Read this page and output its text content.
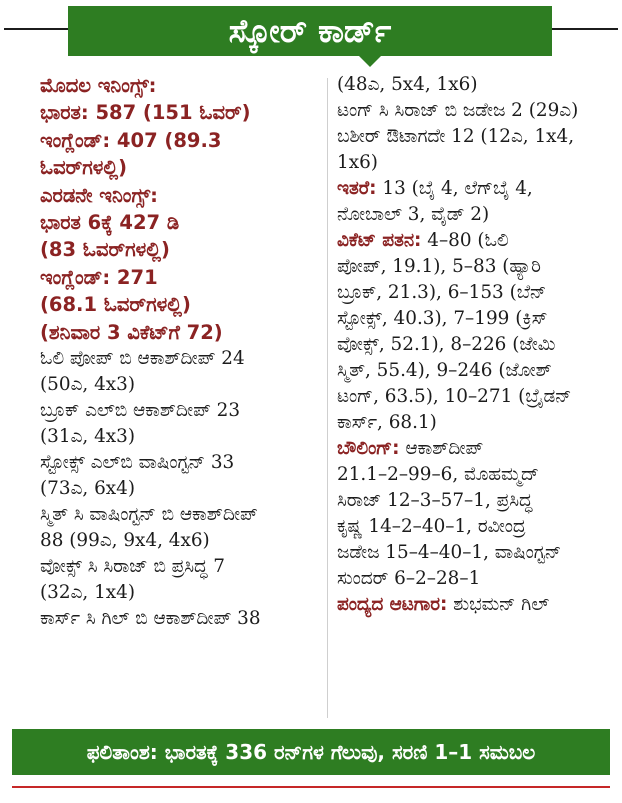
ಸ್ಕೋರ್ ಕಾರ್ಡ್

ಮೊದಲ ಇನಿಂಗ್ಸ್:

ಭಾರತ: 587 (151 ಓವರ್)

ಇಂಗ್ಲೆಂಡ್: 407 (89.3

ಓವರ್‌ಗಳಲ್ಲಿ)

ಎರಡನೇ ಇನಿಂಗ್ಸ್:

ಭಾರತ 6ಕ್ಕೆ 427 ಡಿ

(83 ಓವರ್‌ಗಳಲ್ಲಿ)

ಇಂಗ್ಲೆಂಡ್: 271

(68.1 ಓವರ್‌ಗಳಲ್ಲಿ)

(ಶನಿವಾರ 3 ವಿಕೆಟ್‌ಗೆ 72)

ಓಲಿ ಪೋಪ್ ಬಿ ಆಕಾಶ್‌ದೀಪ್ 24

(50ಎ, 4x3)

ಬ್ರೂಕ್ ಎಲ್‌ಬಿ ಆಕಾಶ್‌ದೀಪ್ 23

(31ಎ, 4x3)

ಸ್ಟೋಕ್ಸ್ ಎಲ್‌ಬಿ ವಾಷಿಂಗ್ಟನ್ 33

(73ಎ, 6x4)

ಸ್ಮಿತ್ ಸಿ ವಾಷಿಂಗ್ಟನ್ ಬಿ ಆಕಾಶ್‌ದೀಪ್

88 (99ಎ, 9x4, 4x6)

ವೋಕ್ಸ್ ಸಿ ಸಿರಾಜ್ ಬಿ ಪ್ರಸಿದ್ಧ 7

(32ಎ, 1x4)

ಕಾರ್ಸ್ ಸಿ ಗಿಲ್ ಬಿ ಆಕಾಶ್‌ದೀಪ್ 38

(48ಎ, 5x4, 1x6)

ಟಂಗ್ ಸಿ ಸಿರಾಜ್ ಬಿ ಜಡೇಜ 2 (29ಎ)

ಬಶೀರ್ ಔಟಾಗದೇ 12 (12ಎ, 1x4,

1x6)

ಇತರೆ: 13 (ಬೈ 4, ಲೆಗ್‌ಬೈ 4,

ನೋಬಾಲ್ 3, ವೈಡ್ 2)

ವಿಕೆಟ್ ಪತನ: 4–80 (ಓಲಿ

ಪೋಪ್, 19.1), 5–83 (ಹ್ಯಾರಿ

ಬ್ರೂಕ್, 21.3), 6–153 (ಬೆನ್

ಸ್ಟೋಕ್ಸ್, 40.3), 7–199 (ಕ್ರಿಸ್

ವೋಕ್ಸ್, 52.1), 8–226 (ಜೇಮಿ

ಸ್ಮಿತ್, 55.4), 9–246 (ಜೋಶ್

ಟಂಗ್, 63.5), 10–271 (ಬ್ರೈಡನ್

ಕಾರ್ಸ್, 68.1)

ಬೌಲಿಂಗ್: ಆಕಾಶ್‌ದೀಪ್

21.1–2–99–6, ಮೊಹಮ್ಮದ್

ಸಿರಾಜ್ 12–3–57–1, ಪ್ರಸಿದ್ಧ

ಕೃಷ್ಣ 14–2–40–1, ರವೀಂದ್ರ

ಜಡೇಜ 15–4–40–1, ವಾಷಿಂಗ್ಟನ್

ಸುಂದರ್ 6–2–28–1

ಪಂದ್ಯದ ಆಟಗಾರ: ಶುಭಮನ್ ಗಿಲ್

ಫಲಿತಾಂಶ: ಭಾರತಕ್ಕೆ 336 ರನ್‌ಗಳ ಗೆಲುವು, ಸರಣಿ 1–1 ಸಮಬಲ
